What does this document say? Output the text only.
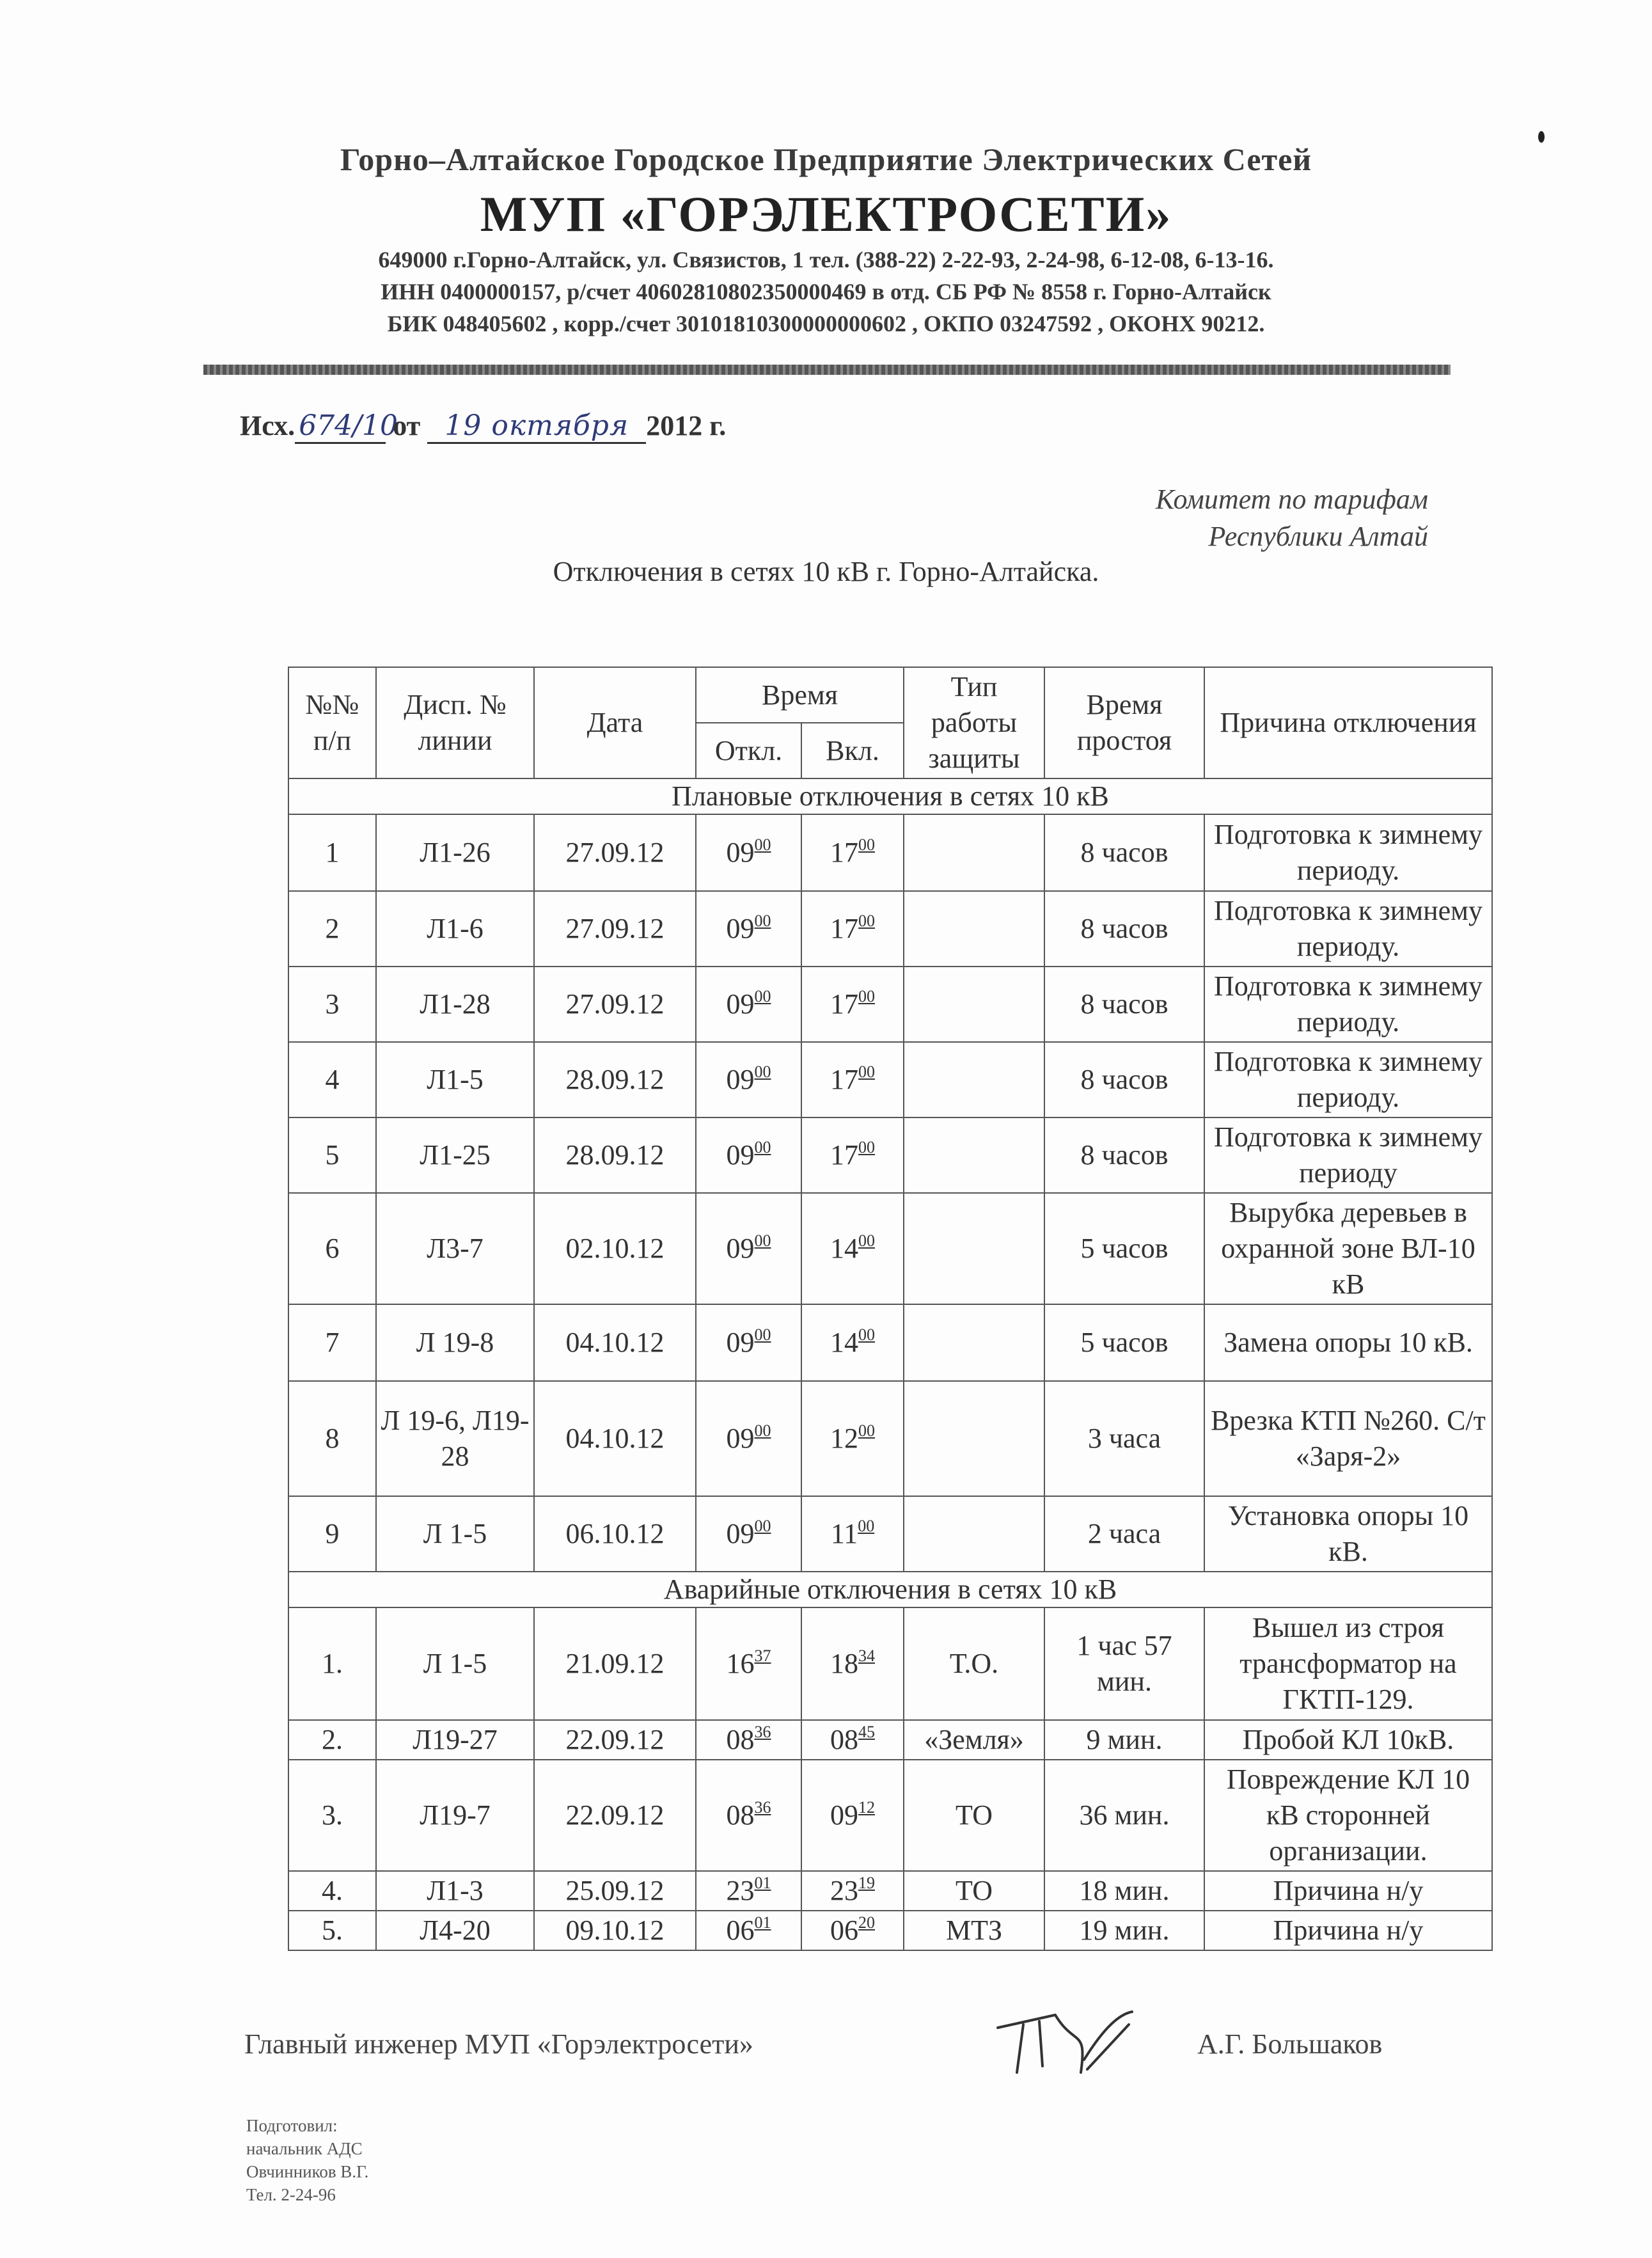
Горно–Алтайское Городское Предприятие Электрических Сетей
МУП «ГОРЭЛЕКТРОСЕТИ»
649000 г.Горно-Алтайск, ул. Связистов, 1 тел. (388-22) 2-22-93, 2-24-98, 6-12-08, 6-13-16.
ИНН 0400000157, р/счет 40602810802350000469 в отд. СБ РФ № 8558 г. Горно-Алтайск
БИК 048405602 , корр./счет 30101810300000000602 , ОКПО 03247592 , ОКОНХ 90212.
Исх. 674/10 от 19 октября 2012 г.
Комитет по тарифам
Республики Алтай
Отключения в сетях 10 кВ г. Горно-Алтайска.
№№ п/п	Дисп. № линии	Дата	Время		Тип работы защиты	Время простоя	Причина отключения
			Откл.	Вкл.			
Плановые отключения в сетях 10 кВ							
1	Л1-26	27.09.12	$09^{00}$	$17^{00}$		8 часов	Подготовка к зимнему периоду.
2	Л1-6	27.09.12	$09^{00}$	$17^{00}$		8 часов	Подготовка к зимнему периоду.
3	Л1-28	27.09.12	$09^{00}$	$17^{00}$		8 часов	Подготовка к зимнему периоду.
4	Л1-5	28.09.12	$09^{00}$	$17^{00}$		8 часов	Подготовка к зимнему периоду.
5	Л1-25	28.09.12	$09^{00}$	$17^{00}$		8 часов	Подготовка к зимнему периоду
6	Л3-7	02.10.12	$09^{00}$	$14^{00}$		5 часов	Вырубка деревьев в охранной зоне ВЛ-10 кВ
7	Л 19-8	04.10.12	$09^{00}$	$14^{00}$		5 часов	Замена опоры 10 кВ.
8	Л 19-6, Л19-28	04.10.12	$09^{00}$	$12^{00}$		3 часа	Врезка КТП №260. С/т «Заря-2»
9	Л 1-5	06.10.12	$09^{00}$	$11^{00}$		2 часа	Установка опоры 10 кВ.
Аварийные отключения в сетях 10 кВ							
1.	Л 1-5	21.09.12	$16^{37}$	$18^{34}$	Т.О.	1 час 57 мин.	Вышел из строя трансформатор на ГКТП-129.
2.	Л19-27	22.09.12	$08^{36}$	$08^{45}$	«Земля»	9 мин.	Пробой КЛ 10кВ.
3.	Л19-7	22.09.12	$08^{36}$	$09^{12}$	ТО	36 мин.	Повреждение КЛ 10 кВ сторонней организации.
4.	Л1-3	25.09.12	$23^{01}$	$23^{19}$	ТО	18 мин.	Причина н/у
5.	Л4-20	09.10.12	$06^{01}$	$06^{20}$	МТЗ	19 мин.	Причина н/у
Главный инженер МУП «Горэлектросети»	А.Г. Большаков
Подготовил:
начальник АДС
Овчинников В.Г.
Тел. 2-24-96
